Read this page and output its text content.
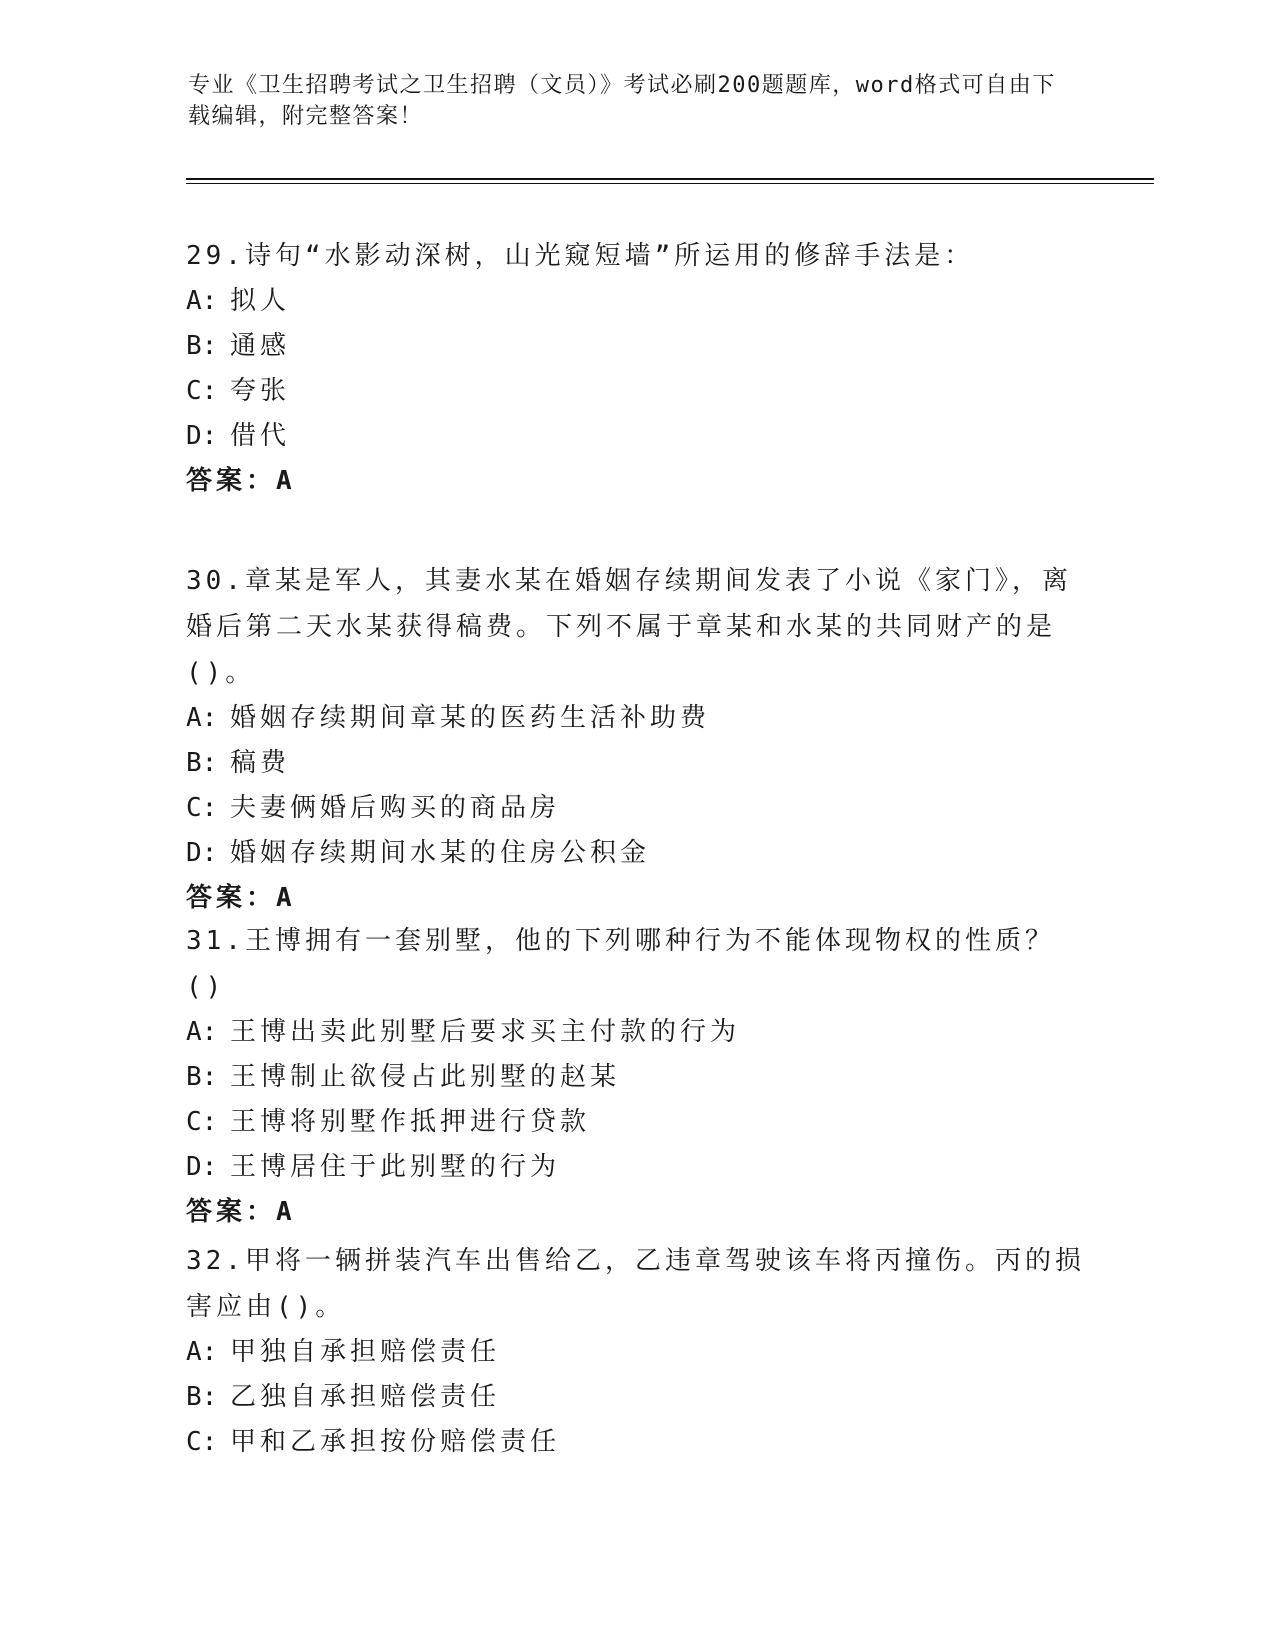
专业《卫生招聘考试之卫生招聘（文员）》考试必刷200题题库，word格式可自由下载编辑，附完整答案！
29.诗句“水影动深树，山光窥短墙”所运用的修辞手法是：
A: 拟人
B: 通感
C: 夸张
D: 借代
答案：A
30.章某是军人，其妻水某在婚姻存续期间发表了小说《家门》，离婚后第二天水某获得稿费。下列不属于章某和水某的共同财产的是()。
A: 婚姻存续期间章某的医药生活补助费
B: 稿费
C: 夫妻俩婚后购买的商品房
D: 婚姻存续期间水某的住房公积金
答案：A
31.王博拥有一套别墅，他的下列哪种行为不能体现物权的性质？()
A: 王博出卖此别墅后要求买主付款的行为
B: 王博制止欲侵占此别墅的赵某
C: 王博将别墅作抵押进行贷款
D: 王博居住于此别墅的行为
答案：A
32.甲将一辆拼装汽车出售给乙，乙违章驾驶该车将丙撞伤。丙的损害应由()。
A: 甲独自承担赔偿责任
B: 乙独自承担赔偿责任
C: 甲和乙承担按份赔偿责任
